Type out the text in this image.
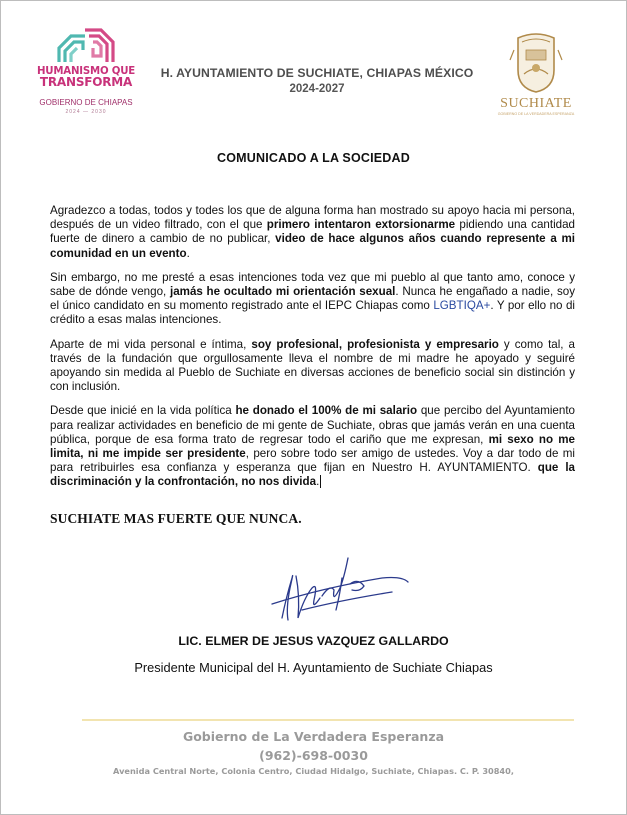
HUMANISMO QUE
TRANSFORMA
GOBIERNO DE CHIAPAS
2024 — 2030
H. AYUNTAMIENTO DE SUCHIATE, CHIAPAS MÉXICO
2024-2027
SUCHIATE
GOBIERNO DE LA VERDADERA ESPERANZA
COMUNICADO A LA SOCIEDAD

Agradezco a todas, todos y todes los que de alguna forma han mostrado su apoyo hacia mi persona, después de un video filtrado, con el que primero intentaron extorsionarme pidiendo una cantidad fuerte de dinero a cambio de no publicar, video de hace algunos años cuando represente a mi comunidad en un evento.

Sin embargo, no me presté a esas intenciones toda vez que mi pueblo al que tanto amo, conoce y sabe de dónde vengo, jamás he ocultado mi orientación sexual. Nunca he engañado a nadie, soy el único candidato en su momento registrado ante el IEPC Chiapas como LGBTIQA+. Y por ello no di crédito a esas malas intenciones.

Aparte de mi vida personal e íntima, soy profesional, profesionista y empresario y como tal, a través de la fundación que orgullosamente lleva el nombre de mi madre he apoyado y seguiré apoyando sin medida al Pueblo de Suchiate en diversas acciones de beneficio social sin distinción y con inclusión.

Desde que inicié en la vida política he donado el 100% de mi salario que percibo del Ayuntamiento para realizar actividades en beneficio de mi gente de Suchiate, obras que jamás verán en una cuenta pública, porque de esa forma trato de regresar todo el cariño que me expresan, mi sexo no me limita, ni me impide ser presidente, pero sobre todo ser amigo de ustedes. Voy a dar todo de mi para retribuirles esa confianza y esperanza que fijan en Nuestro H. AYUNTAMIENTO. que la discriminación y la confrontación, no nos divida.

SUCHIATE MAS FUERTE QUE NUNCA.
LIC. ELMER DE JESUS VAZQUEZ GALLARDO
Presidente Municipal del H. Ayuntamiento de Suchiate Chiapas
Gobierno de La Verdadera Esperanza
(962)-698-0030
Avenida Central Norte, Colonia Centro, Ciudad Hidalgo, Suchiate, Chiapas. C. P. 30840,
